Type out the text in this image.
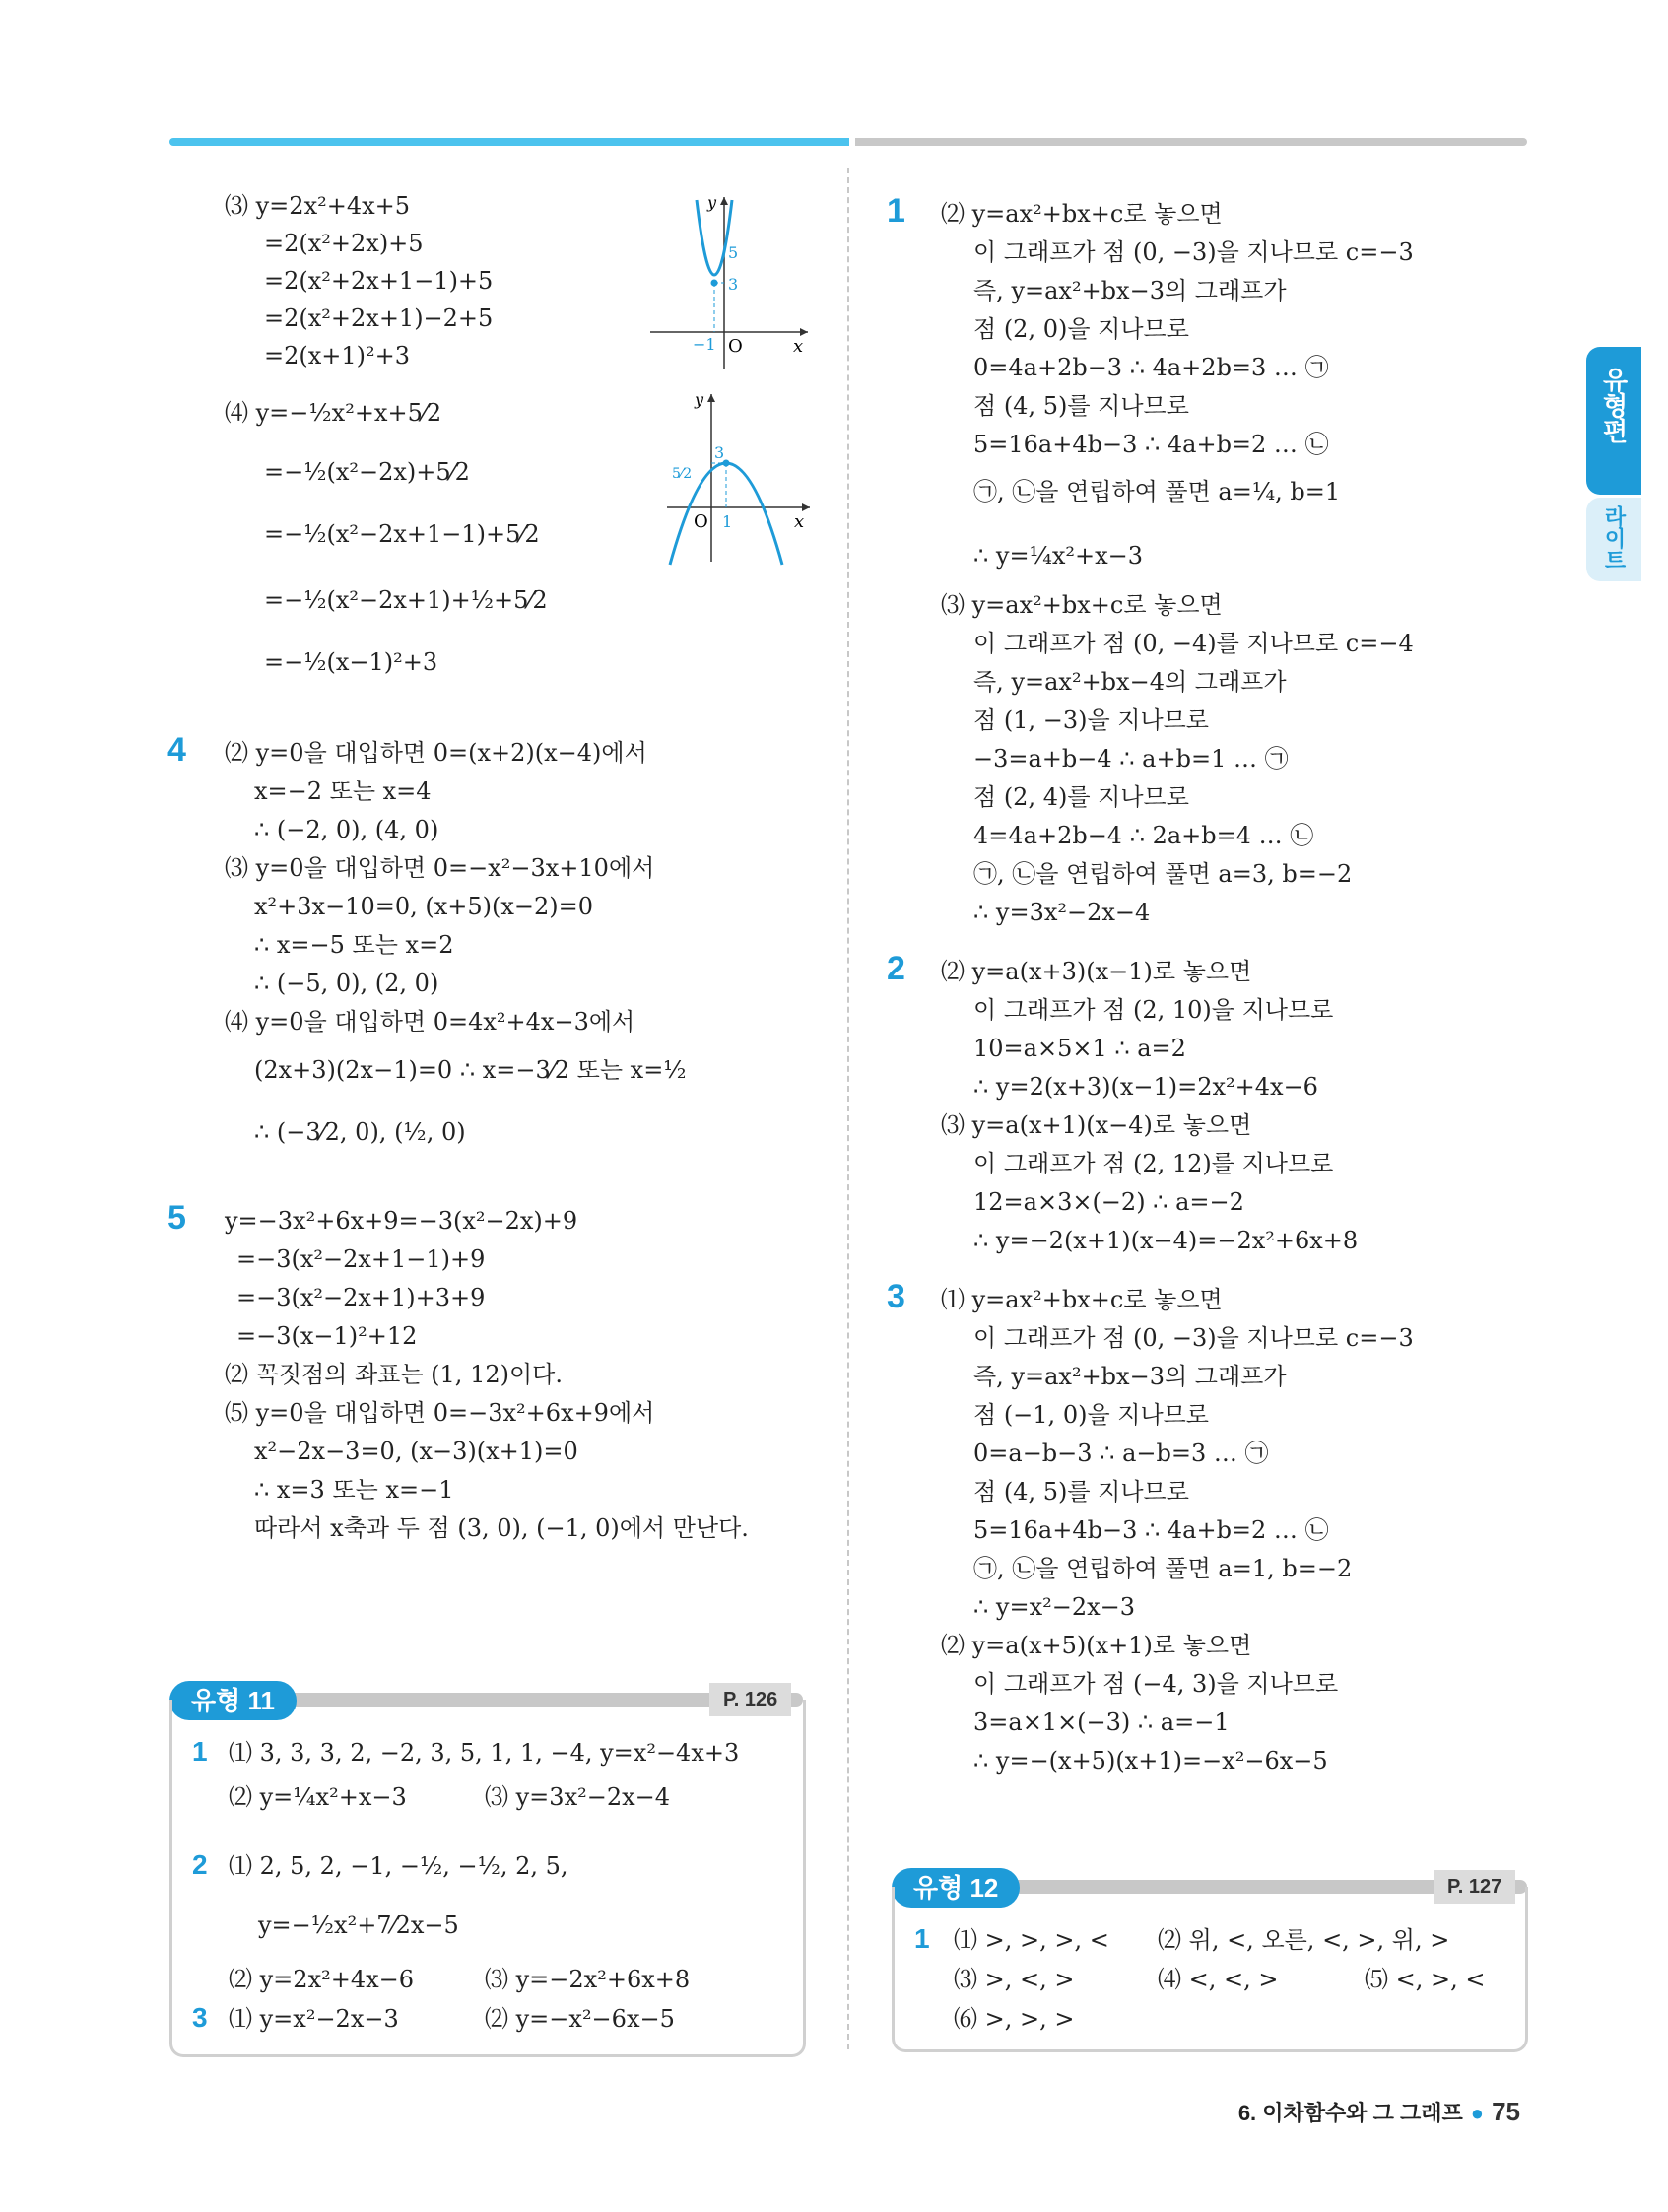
유형편
라이트
⑶ y=2x²+4x+5
=2(x²+2x)+5
=2(x²+2x+1−1)+5
=2(x²+2x+1)−2+5
=2(x+1)²+3
y
x
O
5
3
−1
⑷ y=−½x²+x+5⁄2
=−½(x²−2x)+5⁄2
=−½(x²−2x+1−1)+5⁄2
=−½(x²−2x+1)+½+5⁄2
=−½(x−1)²+3
y
x
O
3
5⁄2
1
4 ⑵ y=0을 대입하면 0=(x+2)(x−4)에서
x=−2 또는 x=4
∴ (−2, 0), (4, 0)
⑶ y=0을 대입하면 0=−x²−3x+10에서
x²+3x−10=0, (x+5)(x−2)=0
∴ x=−5 또는 x=2
∴ (−5, 0), (2, 0)
⑷ y=0을 대입하면 0=4x²+4x−3에서
(2x+3)(2x−1)=0 ∴ x=−3⁄2 또는 x=½
∴ (−3⁄2, 0), (½, 0)
5 y=−3x²+6x+9=−3(x²−2x)+9
=−3(x²−2x+1−1)+9
=−3(x²−2x+1)+3+9
=−3(x−1)²+12
⑵ 꼭짓점의 좌표는 (1, 12)이다.
⑸ y=0을 대입하면 0=−3x²+6x+9에서
x²−2x−3=0, (x−3)(x+1)=0
∴ x=3 또는 x=−1
따라서 x축과 두 점 (3, 0), (−1, 0)에서 만난다.
유형 11	P. 126
1 ⑴ 3, 3, 3, 2, −2, 3, 5, 1, 1, −4, y=x²−4x+3
⑵ y=¼x²+x−3	⑶ y=3x²−2x−4
2 ⑴ 2, 5, 2, −1, −½, −½, 2, 5,
y=−½x²+7⁄2x−5
⑵ y=2x²+4x−6	⑶ y=−2x²+6x+8
3 ⑴ y=x²−2x−3	⑵ y=−x²−6x−5
1 ⑵ y=ax²+bx+c로 놓으면
이 그래프가 점 (0, −3)을 지나므로 c=−3
즉, y=ax²+bx−3의 그래프가
점 (2, 0)을 지나므로
0=4a+2b−3 ∴ 4a+2b=3 … ㉠
점 (4, 5)를 지나므로
5=16a+4b−3 ∴ 4a+b=2 … ㉡
㉠, ㉡을 연립하여 풀면 a=¼, b=1
∴ y=¼x²+x−3
⑶ y=ax²+bx+c로 놓으면
이 그래프가 점 (0, −4)를 지나므로 c=−4
즉, y=ax²+bx−4의 그래프가
점 (1, −3)을 지나므로
−3=a+b−4 ∴ a+b=1 … ㉠
점 (2, 4)를 지나므로
4=4a+2b−4 ∴ 2a+b=4 … ㉡
㉠, ㉡을 연립하여 풀면 a=3, b=−2
∴ y=3x²−2x−4
2 ⑵ y=a(x+3)(x−1)로 놓으면
이 그래프가 점 (2, 10)을 지나므로
10=a×5×1 ∴ a=2
∴ y=2(x+3)(x−1)=2x²+4x−6
⑶ y=a(x+1)(x−4)로 놓으면
이 그래프가 점 (2, 12)를 지나므로
12=a×3×(−2) ∴ a=−2
∴ y=−2(x+1)(x−4)=−2x²+6x+8
3 ⑴ y=ax²+bx+c로 놓으면
이 그래프가 점 (0, −3)을 지나므로 c=−3
즉, y=ax²+bx−3의 그래프가
점 (−1, 0)을 지나므로
0=a−b−3 ∴ a−b=3 … ㉠
점 (4, 5)를 지나므로
5=16a+4b−3 ∴ 4a+b=2 … ㉡
㉠, ㉡을 연립하여 풀면 a=1, b=−2
∴ y=x²−2x−3
⑵ y=a(x+5)(x+1)로 놓으면
이 그래프가 점 (−4, 3)을 지나므로
3=a×1×(−3) ∴ a=−1
∴ y=−(x+5)(x+1)=−x²−6x−5
유형 12	P. 127
1 ⑴ >, >, >, < ⑵ 위, <, 오른, <, >, 위, >
⑶ >, <, >	⑷ <, <, >	⑸ <, >, <
⑹ >, >, >
6. 이차함수와 그 그래프 ● 75
